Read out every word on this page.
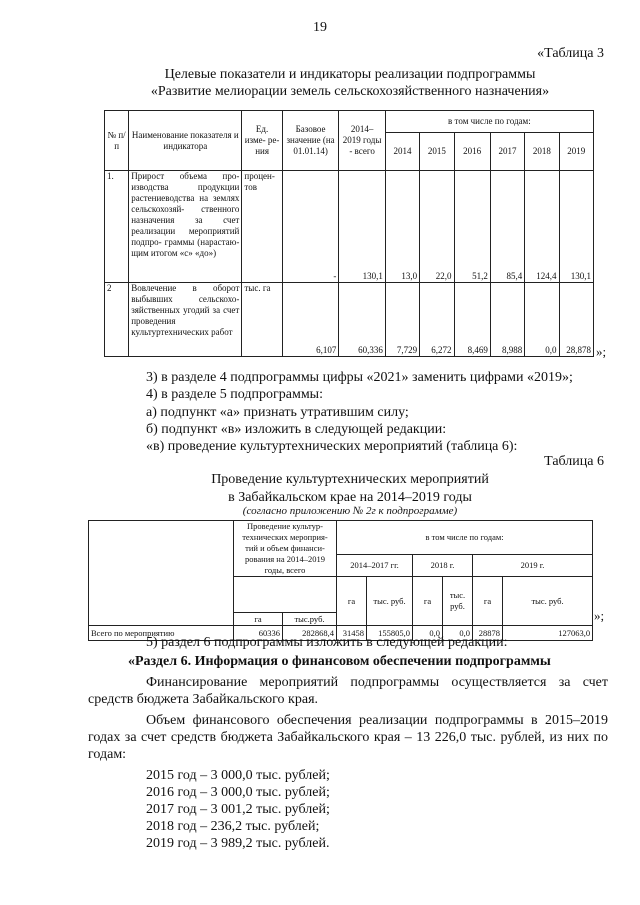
19
«Таблица 3
Целевые показатели и индикаторы реализации подпрограммы
«Развитие мелиорации земель сельскохозяйственного назначения»
№ п/п	Наименование показателя и индикатора	Ед. изме- ре- ния	Базовое значение (на 01.01.14)	2014– 2019 годы - всего	в том числе по годам:					
					2014	2015	2016	2017	2018	2019
1.	Прирост объема про- изводства продукции растениеводства на землях сельскохозяй- ственного назначения за счет реализации мероприятий подпро- граммы (нарастаю- щим итогом «с» «до»)	процен- тов	-	130,1	13,0	22,0	51,2	85,4	124,4	130,1
2	Вовлечение в оборот выбывших сельскохо- зяйственных угодий за счет проведения культуртехнических работ	тыс. га	6,107	60,336	7,729	6,272	8,469	8,988	0,0	28,878 »;
3) в разделе 4 подпрограммы цифры «2021» заменить цифрами «2019»;
4) в разделе 5 подпрограммы:
а) подпункт «а» признать утратившим силу;
б) подпункт «в» изложить в следующей редакции:
«в) проведение культуртехнических мероприятий (таблица 6):
Таблица 6
Проведение культуртехнических мероприятий
в Забайкальском крае на 2014–2019 годы
(согласно приложению № 2г к подпрограмме)
	Проведение культур- технических мероприя- тий и объем финанси- рования на 2014–2019 годы, всего		в том числе по годам:					
			2014–2017 гг.		2018 г.		2019 г.	
			га	тыс. руб.	га	тыс. руб.	га	тыс. руб.
	га	тыс.руб.						
Всего по мероприятию	60336	282868,4	31458	155805,0	0,0	0,0	28878	127063,0
»;
5) раздел 6 подпрограммы изложить в следующей редакции:
«Раздел 6. Информация о финансовом обеспечении подпрограммы
Финансирование мероприятий подпрограммы осуществляется за счет средств бюджета Забайкальского края.
Объем финансового обеспечения реализации подпрограммы в 2015–2019 годах за счет средств бюджета Забайкальского края – 13 226,0 тыс. рублей, из них по годам:
2015 год – 3 000,0 тыс. рублей;
2016 год – 3 000,0 тыс. рублей;
2017 год – 3 001,2 тыс. рублей;
2018 год – 236,2 тыс. рублей;
2019 год – 3 989,2 тыс. рублей.
